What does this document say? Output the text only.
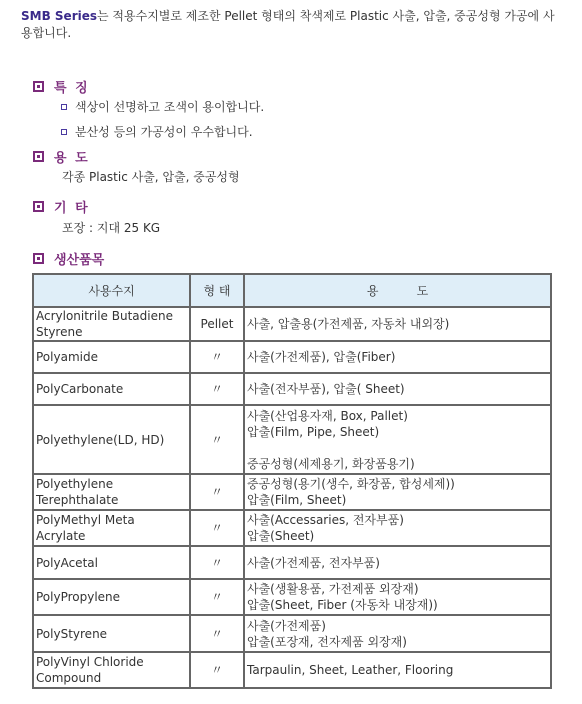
SMB Series는 적용수지별로 제조한 Pellet 형태의 착색제로 Plastic 사출, 압출, 중공성형 가공에 사용합니다.
특 징
색상이 선명하고 조색이 용이합니다.
분산성 등의 가공성이 우수합니다.
용 도
각종 Plastic 사출, 압출, 중공성형
기 타
포장 : 지대 25 KG
생산품목
사용수지	형 태	용          도
Acrylonitrile Butadiene Styrene	Pellet	사출, 압출용(가전제품, 자동차 내외장)

Polyamide	〃	사출(가전제품), 압출(Fiber)

PolyCarbonate	〃	사출(전자부품), 압출( Sheet)

Polyethylene(LD, HD)	〃	사출(산업용자재, Box, Pallet)
압출(Film, Pipe, Sheet)
중공성형(세제용기, 화장품용기)

Polyethylene Terephthalate	〃	중공성형(용기(생수, 화장품, 합성세제))
압출(Film, Sheet)

PolyMethyl Meta Acrylate	〃	사출(Accessaries, 전자부품)
압출(Sheet)

PolyAcetal	〃	사출(가전제품, 전자부품)

PolyPropylene	〃	사출(생활용품, 가전제품 외장재)
압출(Sheet, Fiber (자동차 내장재))

PolyStyrene	〃	사출(가전제품)
압출(포장재, 전자제품 외장재)

PolyVinyl Chloride Compound	〃	Tarpaulin, Sheet, Leather, Flooring
